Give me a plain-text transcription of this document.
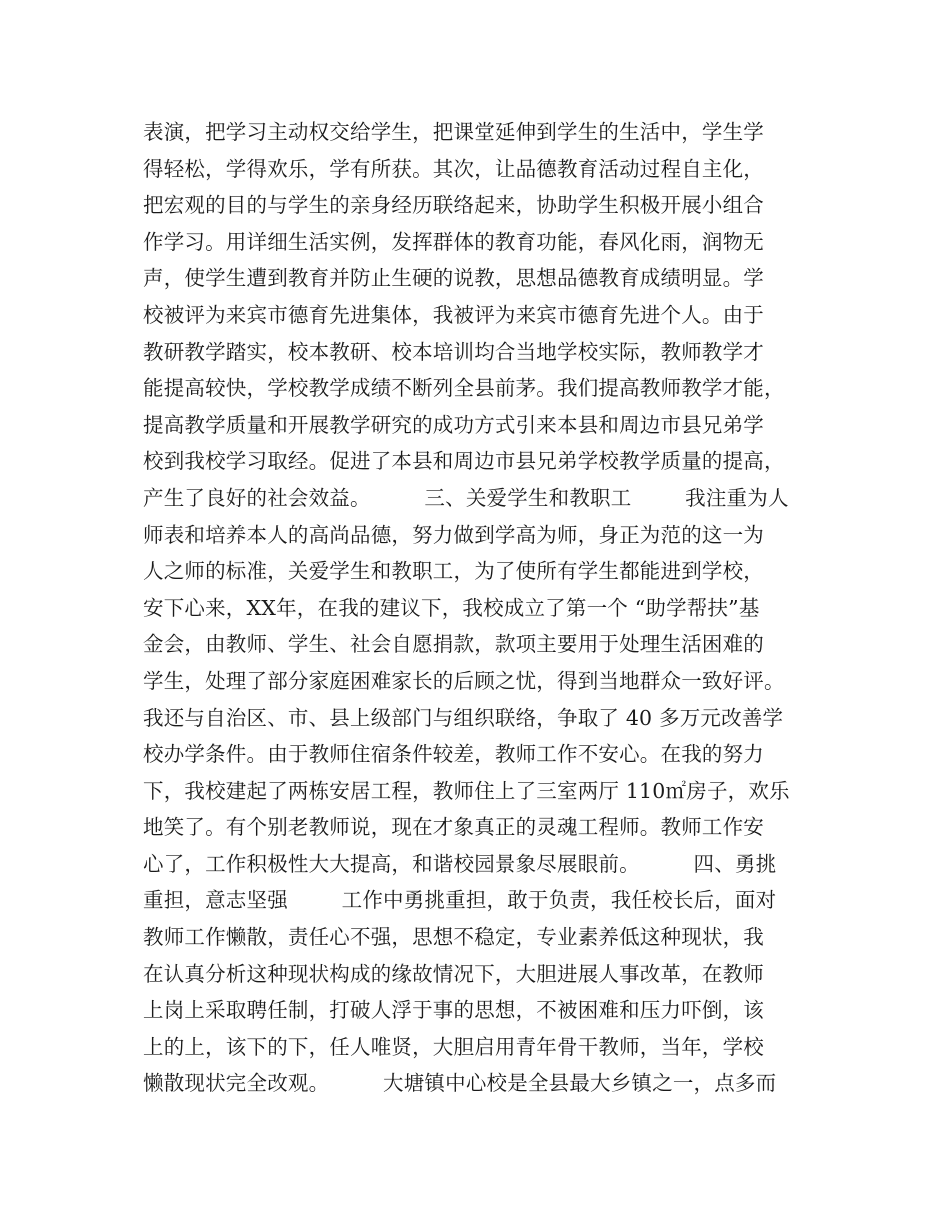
表演，把学习主动权交给学生，把课堂延伸到学生的生活中，学生学
得轻松，学得欢乐，学有所获。其次，让品德教育活动过程自主化，
把宏观的目的与学生的亲身经历联络起来，协助学生积极开展小组合
作学习。用详细生活实例，发挥群体的教育功能，春风化雨，润物无
声，使学生遭到教育并防止生硬的说教，思想品德教育成绩明显。学
校被评为来宾市德育先进集体，我被评为来宾市德育先进个人。由于
教研教学踏实，校本教研、校本培训均合当地学校实际，教师教学才
能提高较快，学校教学成绩不断列全县前茅。我们提高教师教学才能，
提高教学质量和开展教学研究的成功方式引来本县和周边市县兄弟学
校到我校学习取经。促进了本县和周边市县兄弟学校教学质量的提高，
产生了良好的社会效益。        三、关爱学生和教职工        我注重为人
师表和培养本人的高尚品德，努力做到学高为师，身正为范的这一为
人之师的标准，关爱学生和教职工，为了使所有学生都能进到学校，
安下心来，XX年，在我的建议下，我校成立了第一个 “助学帮扶”基
金会，由教师、学生、社会自愿捐款，款项主要用于处理生活困难的
学生，处理了部分家庭困难家长的后顾之忧，得到当地群众一致好评。
我还与自治区、市、县上级部门与组织联络，争取了 40 多万元改善学
校办学条件。由于教师住宿条件较差，教师工作不安心。在我的努力
下，我校建起了两栋安居工程，教师住上了三室两厅 110㎡房子，欢乐
地笑了。有个别老教师说，现在才象真正的灵魂工程师。教师工作安
心了，工作积极性大大提高，和谐校园景象尽展眼前。        四、勇挑
重担，意志坚强        工作中勇挑重担，敢于负责，我任校长后，面对
教师工作懒散，责任心不强，思想不稳定，专业素养低这种现状，我
在认真分析这种现状构成的缘故情况下，大胆进展人事改革，在教师
上岗上采取聘任制，打破人浮于事的思想，不被困难和压力吓倒，该
上的上，该下的下，任人唯贤，大胆启用青年骨干教师，当年，学校
懒散现状完全改观。        大塘镇中心校是全县最大乡镇之一，点多而
